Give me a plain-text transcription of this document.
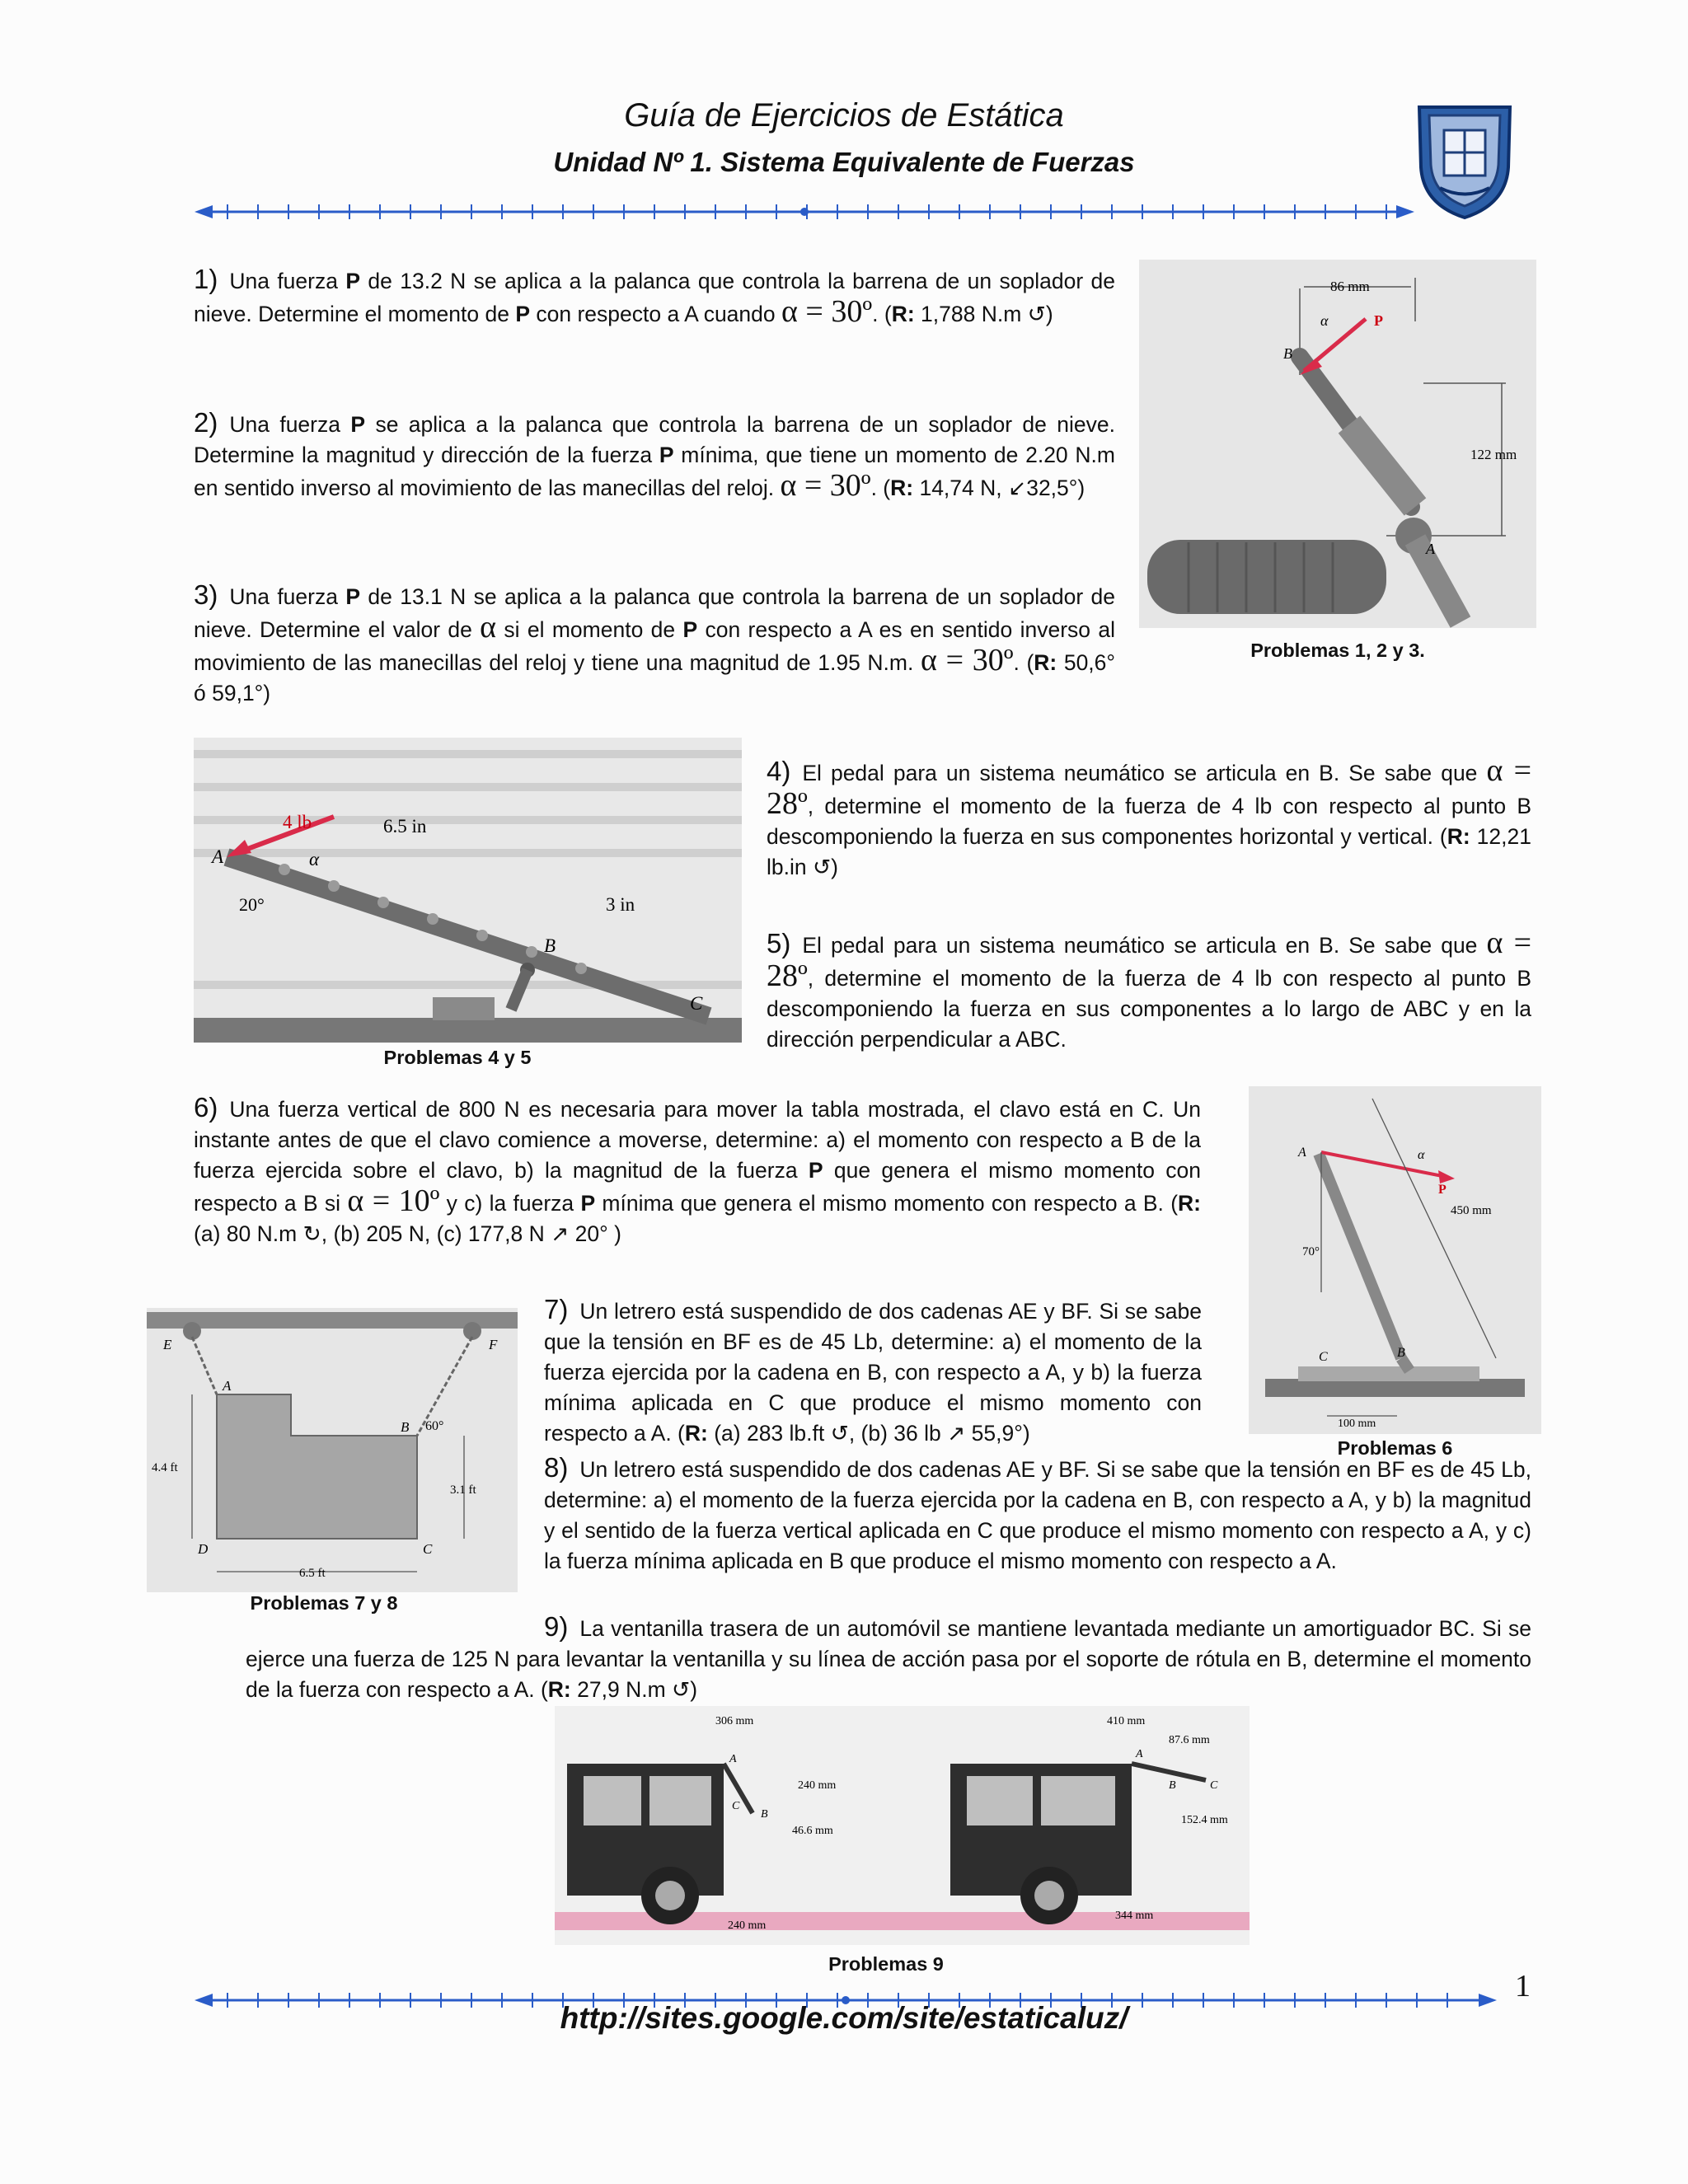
Guía de Ejercicios de Estática
Unidad Nº 1. Sistema Equivalente de Fuerzas
1) Una fuerza P de 13.2 N se aplica a la palanca que controla la barrena de un soplador de nieve. Determine el momento de P con respecto a A cuando α = 30º. (R: 1,788 N.m ↺)
2) Una fuerza P se aplica a la palanca que controla la barrena de un soplador de nieve. Determine la magnitud y dirección de la fuerza P mínima, que tiene un momento de 2.20 N.m en sentido inverso al movimiento de las manecillas del reloj. α = 30º. (R: 14,74 N, ↙32,5°)
3) Una fuerza P de 13.1 N se aplica a la palanca que controla la barrena de un soplador de nieve. Determine el valor de α si el momento de P con respecto a A es en sentido inverso al movimiento de las manecillas del reloj y tiene una magnitud de 1.95 N.m. α = 30º. (R: 50,6° ó 59,1°)
86 mm
122 mm
P
α
B
A
Problemas 1, 2 y 3.
4 lb	6.5 in
3 in
α
20°
A
B
C
Problemas 4 y 5
4) El pedal para un sistema neumático se articula en B. Se sabe que α = 28º, determine el momento de la fuerza de 4 lb con respecto al punto B descomponiendo la fuerza en sus componentes horizontal y vertical. (R: 12,21 lb.in ↺)
5) El pedal para un sistema neumático se articula en B. Se sabe que α = 28º, determine el momento de la fuerza de 4 lb con respecto al punto B descomponiendo la fuerza en sus componentes a lo largo de ABC y en la dirección perpendicular a ABC.
6) Una fuerza vertical de 800 N es necesaria para mover la tabla mostrada, el clavo está en C. Un instante antes de que el clavo comience a moverse, determine: a) el momento con respecto a B de la fuerza ejercida sobre el clavo, b) la magnitud de la fuerza P que genera el mismo momento con respecto a B si α = 10º y c) la fuerza P mínima que genera el mismo momento con respecto a B. (R: (a) 80 N.m ↻, (b) 205 N, (c) 177,8 N ↗ 20° )
A	α
P
450 mm
70°
C	B
100 mm
Problemas 6
E	F
A
B 60°
4.4 ft
3.1 ft
D	C
6.5 ft
Problemas 7 y 8
7) Un letrero está suspendido de dos cadenas AE y BF. Si se sabe que la tensión en BF es de 45 Lb, determine: a) el momento de la fuerza ejercida por la cadena en B, con respecto a A, y b) la fuerza mínima aplicada en C que produce el mismo momento con respecto a A. (R: (a) 283 lb.ft ↺, (b) 36 lb ↗ 55,9°)
8) Un letrero está suspendido de dos cadenas AE y BF. Si se sabe que la tensión en BF es de 45 Lb, determine: a) el momento de la fuerza ejercida por la cadena en B, con respecto a A, y b) la magnitud y el sentido de la fuerza vertical aplicada en C que produce el mismo momento con respecto a A, y c) la fuerza mínima aplicada en B que produce el mismo momento con respecto a A.
9) La ventanilla trasera de un automóvil se mantiene levantada mediante un amortiguador BC. Si se ejerce una fuerza de 125 N para levantar la ventanilla y su línea de acción pasa por el soporte de rótula en B, determine el momento de la fuerza con respecto a A. (R: 27,9 N.m ↺)
306 mm
A
C
B
240 mm
46.6 mm
240 mm
410 mm
87.6 mm
A
B	C
152.4 mm
344 mm
Problemas 9
1
http://sites.google.com/site/estaticaluz/
